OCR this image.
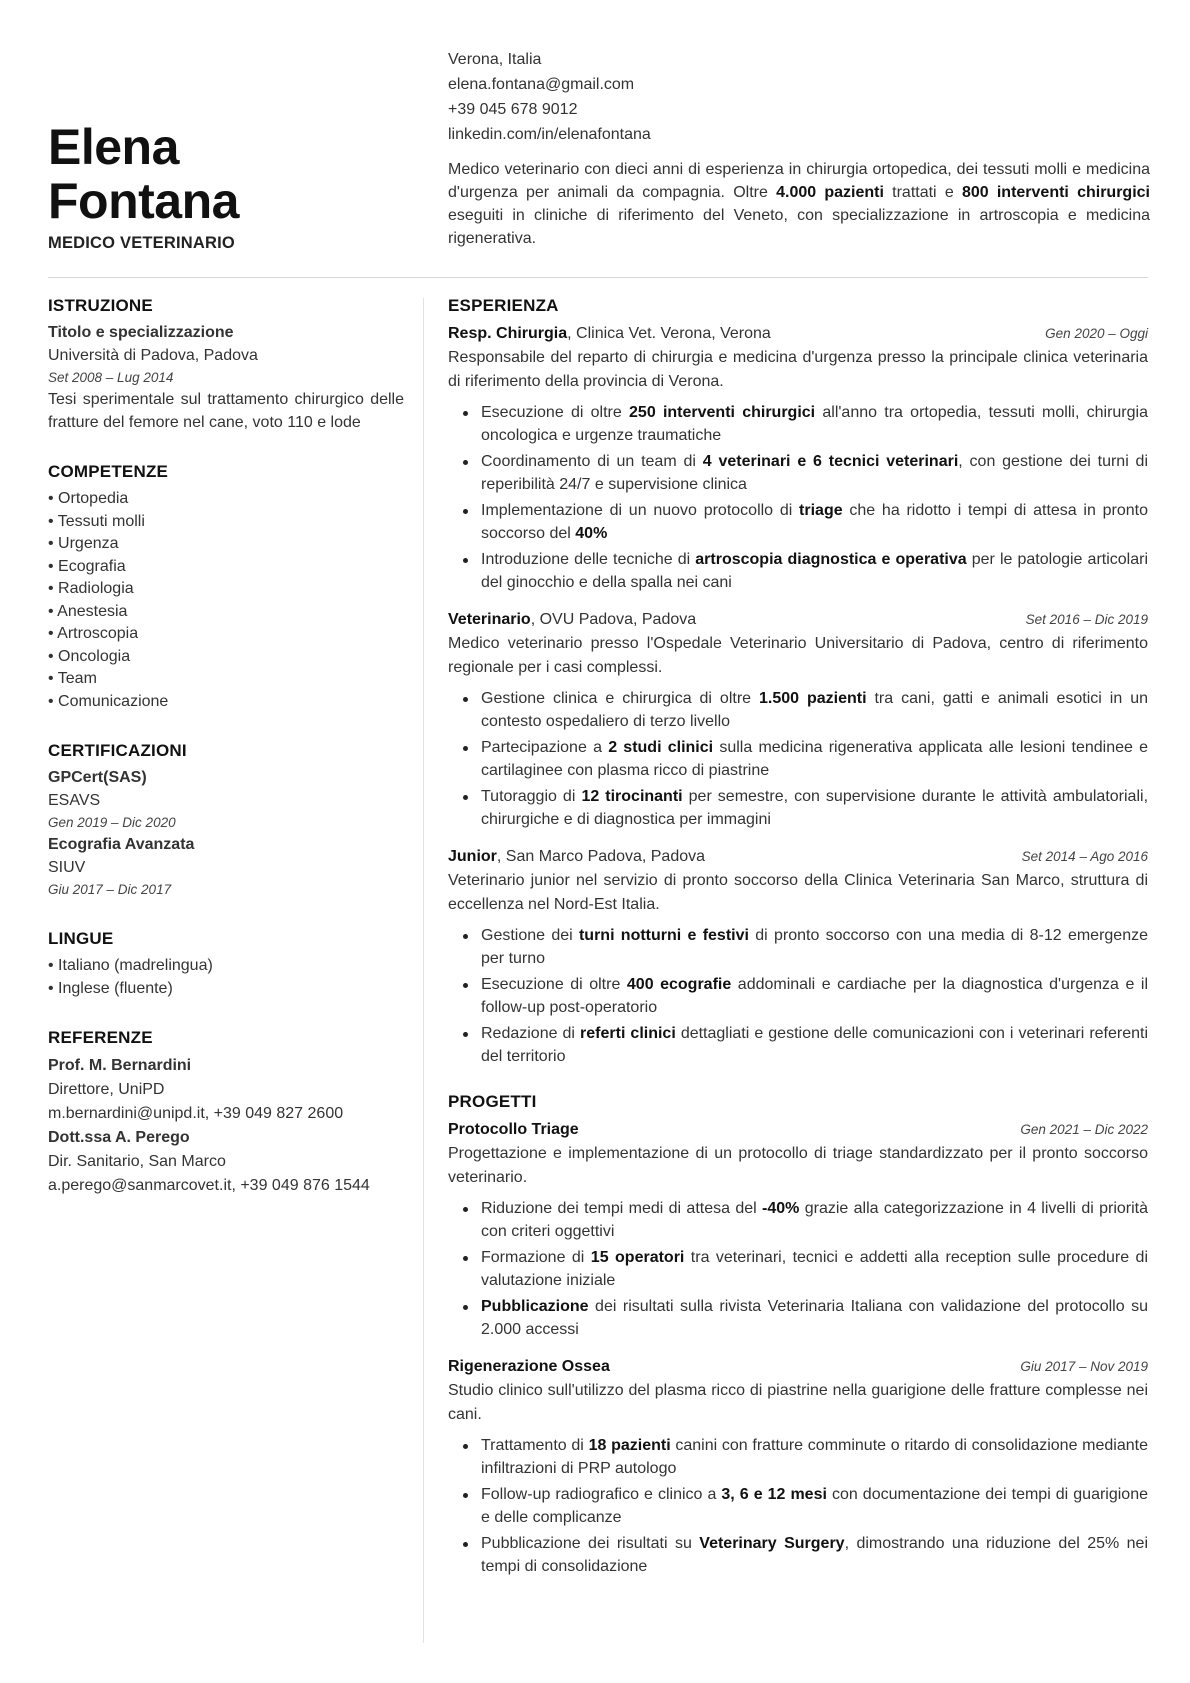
Elena
Fontana
MEDICO VETERINARIO
Verona, Italia
elena.fontana@gmail.com
+39 045 678 9012
linkedin.com/in/elenafontana

Medico veterinario con dieci anni di esperienza in chirurgia ortopedica, dei tessuti molli e medicina d'urgenza per animali da compagnia. Oltre 4.000 pazienti trattati e 800 interventi chirurgici eseguiti in cliniche di riferimento del Veneto, con specializzazione in artroscopia e medicina rigenerativa.

ISTRUZIONE
Titolo e specializzazione
Università di Padova, Padova
Set 2008 – Lug 2014
Tesi sperimentale sul trattamento chirurgico delle fratture del femore nel cane, voto 110 e lode
COMPETENZE
• Ortopedia
• Tessuti molli
• Urgenza
• Ecografia
• Radiologia
• Anestesia
• Artroscopia
• Oncologia
• Team
• Comunicazione
CERTIFICAZIONI
GPCert(SAS)
ESAVS
Gen 2019 – Dic 2020
Ecografia Avanzata
SIUV
Giu 2017 – Dic 2017
LINGUE
• Italiano (madrelingua)
• Inglese (fluente)
REFERENZE
Prof. M. Bernardini
Direttore, UniPD
m.bernardini@unipd.it, +39 049 827 2600
Dott.ssa A. Perego
Dir. Sanitario, San Marco
a.perego@sanmarcovet.it, +39 049 876 1544
ESPERIENZA
Resp. Chirurgia, Clinica Vet. Verona, Verona	Gen 2020 – Oggi

Responsabile del reparto di chirurgia e medicina d'urgenza presso la principale clinica veterinaria di riferimento della provincia di Verona.

Esecuzione di oltre 250 interventi chirurgici all'anno tra ortopedia, tessuti molli, chirurgia oncologica e urgenze traumatiche
Coordinamento di un team di 4 veterinari e 6 tecnici veterinari, con gestione dei turni di reperibilità 24/7 e supervisione clinica
Implementazione di un nuovo protocollo di triage che ha ridotto i tempi di attesa in pronto soccorso del 40%
Introduzione delle tecniche di artroscopia diagnostica e operativa per le patologie articolari del ginocchio e della spalla nei cani
Veterinario, OVU Padova, Padova	Set 2016 – Dic 2019

Medico veterinario presso l'Ospedale Veterinario Universitario di Padova, centro di riferimento regionale per i casi complessi.

Gestione clinica e chirurgica di oltre 1.500 pazienti tra cani, gatti e animali esotici in un contesto ospedaliero di terzo livello
Partecipazione a 2 studi clinici sulla medicina rigenerativa applicata alle lesioni tendinee e cartilaginee con plasma ricco di piastrine
Tutoraggio di 12 tirocinanti per semestre, con supervisione durante le attività ambulatoriali, chirurgiche e di diagnostica per immagini
Junior, San Marco Padova, Padova	Set 2014 – Ago 2016

Veterinario junior nel servizio di pronto soccorso della Clinica Veterinaria San Marco, struttura di eccellenza nel Nord-Est Italia.

Gestione dei turni notturni e festivi di pronto soccorso con una media di 8-12 emergenze per turno
Esecuzione di oltre 400 ecografie addominali e cardiache per la diagnostica d'urgenza e il follow-up post-operatorio
Redazione di referti clinici dettagliati e gestione delle comunicazioni con i veterinari referenti del territorio
PROGETTI
Protocollo Triage	Gen 2021 – Dic 2022

Progettazione e implementazione di un protocollo di triage standardizzato per il pronto soccorso veterinario.

Riduzione dei tempi medi di attesa del -40% grazie alla categorizzazione in 4 livelli di priorità con criteri oggettivi
Formazione di 15 operatori tra veterinari, tecnici e addetti alla reception sulle procedure di valutazione iniziale
Pubblicazione dei risultati sulla rivista Veterinaria Italiana con validazione del protocollo su 2.000 accessi
Rigenerazione Ossea	Giu 2017 – Nov 2019

Studio clinico sull'utilizzo del plasma ricco di piastrine nella guarigione delle fratture complesse nei cani.

Trattamento di 18 pazienti canini con fratture comminute o ritardo di consolidazione mediante infiltrazioni di PRP autologo
Follow-up radiografico e clinico a 3, 6 e 12 mesi con documentazione dei tempi di guarigione e delle complicanze
Pubblicazione dei risultati su Veterinary Surgery, dimostrando una riduzione del 25% nei tempi di consolidazione
